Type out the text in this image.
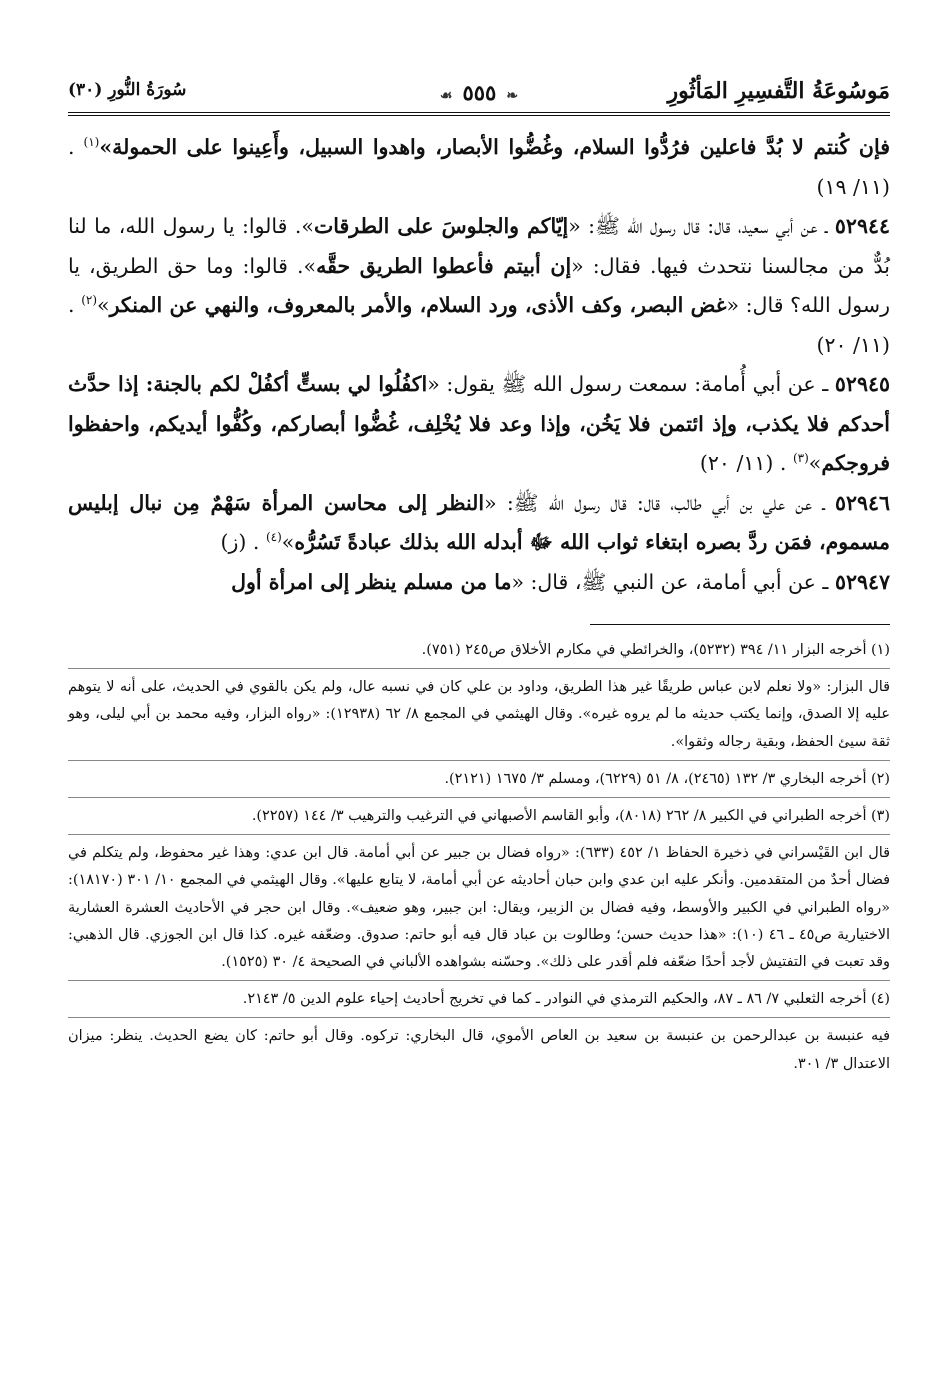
مَوسُوعَةُ التَّفسِيرِ المَأثُورِ
❧٥٥٥☙
سُورَةُ النُّورِ (٣٠)

فإن كُنتم لا بُدَّ فاعلين فرُدُّوا السلام، وغُضُّوا الأبصار، واهدوا السبيل، وأَعِينوا على الحمولة»$^{(١)}$ . (١١/ ١٩)

٥٢٩٤٤ ـ عن أبي سعيد، قال: قال رسول الله ﷺ: «إيّاكم والجلوسَ على الطرقات». قالوا: يا رسول الله، ما لنا بُدٌّ من مجالسنا نتحدث فيها. فقال: «إن أبيتم فأعطوا الطريق حقَّه». قالوا: وما حق الطريق، يا رسول الله؟ قال: «غض البصر، وكف الأذى، ورد السلام، والأمر بالمعروف، والنهي عن المنكر»$^{(٢)}$ . (١١/ ٢٠)

٥٢٩٤٥ ـ عن أبي أُمامة: سمعت رسول الله ﷺ يقول: «اكفُلُوا لي بستٍّ أكفُلْ لكم بالجنة: إذا حدَّث أحدكم فلا يكذب، وإذ ائتمن فلا يَخُن، وإذا وعد فلا يُخْلِف، غُضُّوا أبصاركم، وكُفُّوا أيديكم، واحفظوا فروجكم»$^{(٣)}$ . (١١/ ٢٠)

٥٢٩٤٦ ـ عن علي بن أبي طالب، قال: قال رسول الله ﷺ: «النظر إلى محاسن المرأة سَهْمٌ مِن نبال إبليس مسموم، فمَن ردَّ بصره ابتغاء ثواب الله ﷻ أبدله الله بذلك عبادةً تَسُرُّه»$^{(٤)}$ . (ز)

٥٢٩٤٧ ـ عن أبي أمامة، عن النبي ﷺ، قال: «ما من مسلم ينظر إلى امرأة أول

(١) أخرجه البزار ١١/ ٣٩٤ (٥٢٣٢)، والخرائطي في مكارم الأخلاق ص٢٤٥ (٧٥١).

قال البزار: «ولا نعلم لابن عباس طريقًا غير هذا الطريق، وداود بن علي كان في نسبه عال، ولم يكن بالقوي في الحديث، على أنه لا يتوهم عليه إلا الصدق، وإنما يكتب حديثه ما لم يروه غيره». وقال الهيثمي في المجمع ٨/ ٦٢ (١٢٩٣٨): «رواه البزار، وفيه محمد بن أبي ليلى، وهو ثقة سيئ الحفظ، وبقية رجاله وثقوا».

(٢) أخرجه البخاري ٣/ ١٣٢ (٢٤٦٥)، ٨/ ٥١ (٦٢٢٩)، ومسلم ٣/ ١٦٧٥ (٢١٢١).

(٣) أخرجه الطبراني في الكبير ٨/ ٢٦٢ (٨٠١٨)، وأبو القاسم الأصبهاني في الترغيب والترهيب ٣/ ١٤٤ (٢٢٥٧).

قال ابن القَيْسراني في ذخيرة الحفاظ ١/ ٤٥٢ (٦٣٣): «رواه فضال بن جبير عن أبي أمامة. قال ابن عدي: وهذا غير محفوظ، ولم يتكلم في فضال أحدٌ من المتقدمين. وأنكر عليه ابن عدي وابن حبان أحاديثه عن أبي أمامة، لا يتابع عليها». وقال الهيثمي في المجمع ١٠/ ٣٠١ (١٨١٧٠): «رواه الطبراني في الكبير والأوسط، وفيه فضال بن الزبير، ويقال: ابن جبير، وهو ضعيف». وقال ابن حجر في الأحاديث العشرة العشارية الاختيارية ص٤٥ ـ ٤٦ (١٠): «هذا حديث حسن؛ وطالوت بن عباد قال فيه أبو حاتم: صدوق. وضعّفه غيره. كذا قال ابن الجوزي. قال الذهبي: وقد تعبت في التفتيش لأجد أحدًا ضعّفه فلم أقدر على ذلك». وحسّنه بشواهده الألباني في الصحيحة ٤/ ٣٠ (١٥٢٥).

(٤) أخرجه الثعلبي ٧/ ٨٦ ـ ٨٧، والحكيم الترمذي في النوادر ـ كما في تخريج أحاديث إحياء علوم الدين ٥/ ٢١٤٣.

فيه عنبسة بن عبدالرحمن بن عنبسة بن سعيد بن العاص الأموي، قال البخاري: تركوه. وقال أبو حاتم: كان يضع الحديث. ينظر: ميزان الاعتدال ٣/ ٣٠١.
